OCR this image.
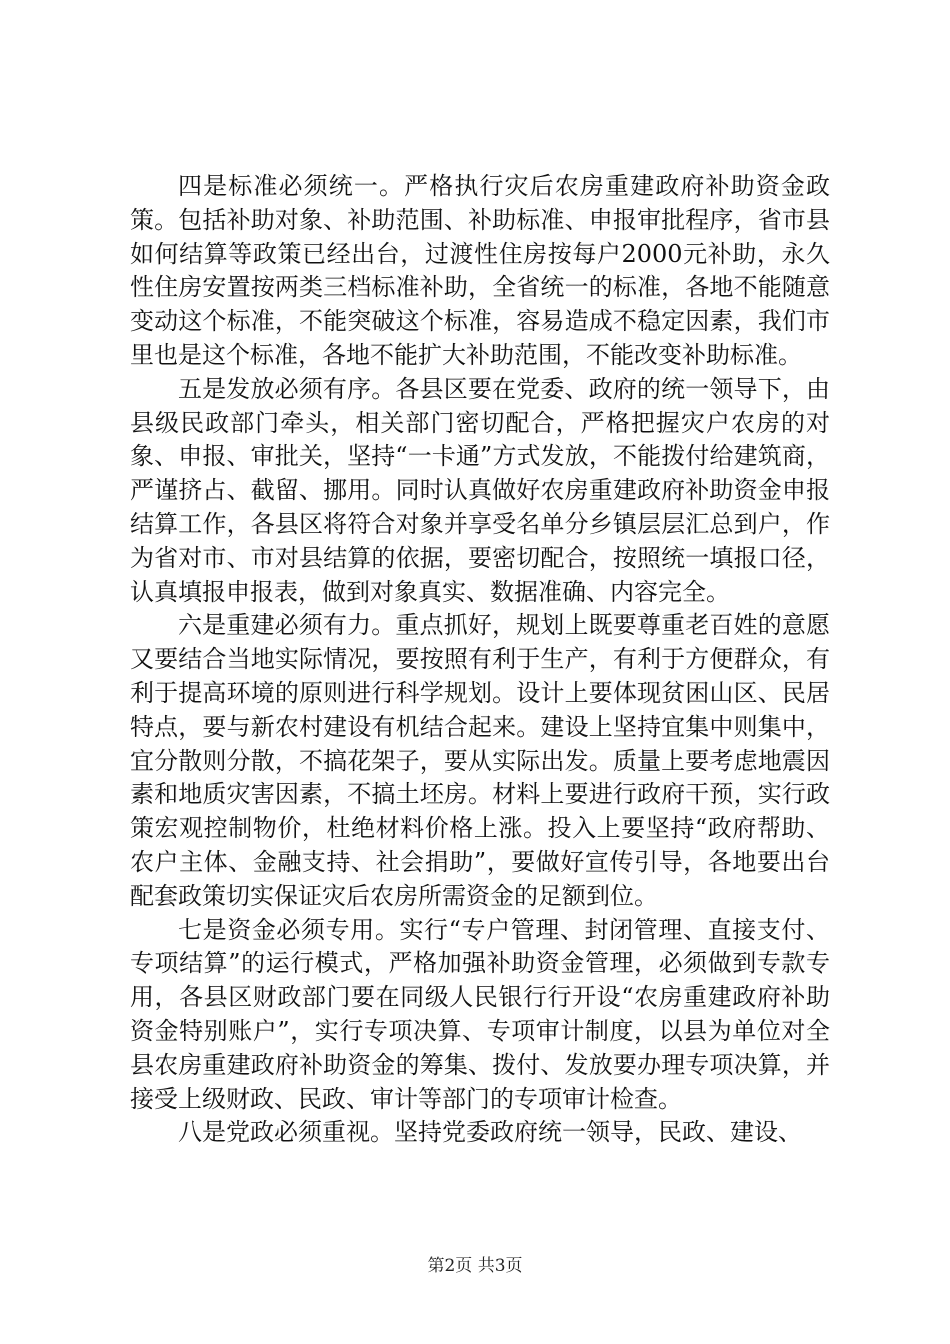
四是标准必须统一。严格执行灾后农房重建政府补助资金政策。包括补助对象、补助范围、补助标准、申报审批程序，省市县如何结算等政策已经出台，过渡性住房按每户2000元补助，永久性住房安置按两类三档标准补助，全省统一的标准，各地不能随意变动这个标准，不能突破这个标准，容易造成不稳定因素，我们市里也是这个标准，各地不能扩大补助范围，不能改变补助标准。

五是发放必须有序。各县区要在党委、政府的统一领导下，由县级民政部门牵头，相关部门密切配合，严格把握灾户农房的对象、申报、审批关，坚持“一卡通”方式发放，不能拨付给建筑商，严谨挤占、截留、挪用。同时认真做好农房重建政府补助资金申报结算工作，各县区将符合对象并享受名单分乡镇层层汇总到户，作为省对市、市对县结算的依据，要密切配合，按照统一填报口径，认真填报申报表，做到对象真实、数据准确、内容完全。

六是重建必须有力。重点抓好，规划上既要尊重老百姓的意愿又要结合当地实际情况，要按照有利于生产，有利于方便群众，有利于提高环境的原则进行科学规划。设计上要体现贫困山区、民居特点，要与新农村建设有机结合起来。建设上坚持宜集中则集中，宜分散则分散，不搞花架子，要从实际出发。质量上要考虑地震因素和地质灾害因素，不搞土坯房。材料上要进行政府干预，实行政策宏观控制物价，杜绝材料价格上涨。投入上要坚持“政府帮助、农户主体、金融支持、社会捐助”，要做好宣传引导，各地要出台配套政策切实保证灾后农房所需资金的足额到位。

七是资金必须专用。实行“专户管理、封闭管理、直接支付、专项结算”的运行模式，严格加强补助资金管理，必须做到专款专用，各县区财政部门要在同级人民银行行开设“农房重建政府补助资金特别账户”，实行专项决算、专项审计制度，以县为单位对全县农房重建政府补助资金的筹集、拨付、发放要办理专项决算，并接受上级财政、民政、审计等部门的专项审计检查。

八是党政必须重视。坚持党委政府统一领导，民政、建设、

第2页 共3页
